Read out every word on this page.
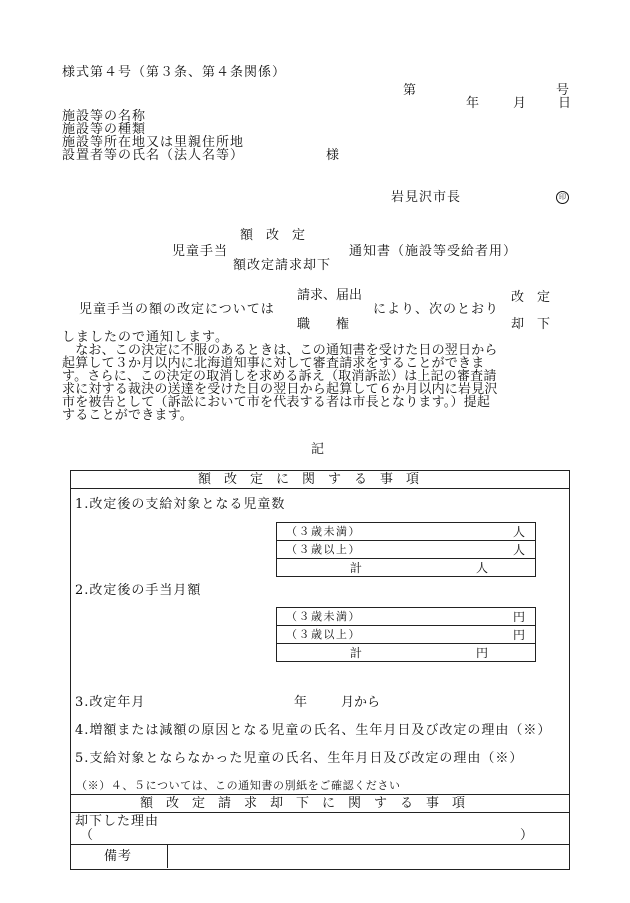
様式第４号（第３条、第４条関係）
第	号
年	月 日
施設等の名称
施設等の種類
施設等所在地又は里親住所地
設置者等の氏名（法人名等）	様
岩見沢市長	印
額　改　定
児童手当	通知書（施設等受給者用）
額改定請求却下
請求、届出	改　定
児童手当の額の改定については	により、次のとおり
職　　権	却　下
しましたので通知します。
　なお、この決定に不服のあるときは、この通知書を受けた日の翌日から
起算して３か月以内に北海道知事に対して審査請求をすることができま
す。さらに、この決定の取消しを求める訴え（取消訴訟）は上記の審査請
求に対する裁決の送達を受けた日の翌日から起算して６か月以内に岩見沢
市を被告として（訴訟において市を代表する者は市長となります。）提起
することができます。
記
額　改　定　に　関　す　る　事　項
1.改定後の支給対象となる児童数
（３歳未満）	人
（３歳以上）	人
計	人
2.改定後の手当月額
（３歳未満）	円
（３歳以上）	円
計	円
3.改定年月	年	月から
4.増額または減額の原因となる児童の氏名、生年月日及び改定の理由（※）
5.支給対象とならなかった児童の氏名、生年月日及び改定の理由（※）
（※）４、５については、この通知書の別紙をご確認ください
額　改　定　請　求　却　下　に　関　す　る　事　項
却下した理由
（	）
備考
